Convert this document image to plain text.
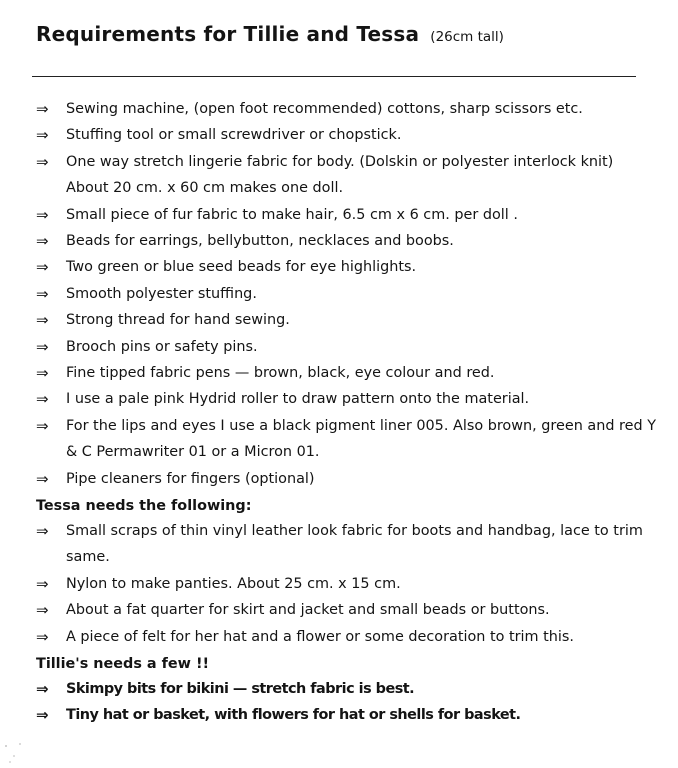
Requirements for Tillie and Tessa (26cm tall)
⇒	Sewing machine, (open foot recommended) cottons, sharp scissors etc.
⇒	Stuffing tool or small screwdriver or chopstick.
⇒	One way stretch lingerie fabric for body. (Dolskin or polyester interlock knit)
About 20 cm. x 60 cm makes one doll.
⇒	Small piece of fur fabric to make hair, 6.5 cm x 6 cm. per doll .
⇒	Beads for earrings, bellybutton, necklaces and boobs.
⇒	Two green or blue seed beads for eye highlights.
⇒	Smooth polyester stuffing.
⇒	Strong thread for hand sewing.
⇒	Brooch pins or safety pins.
⇒	Fine tipped fabric pens — brown, black, eye colour and red.
⇒	I use a pale pink Hydrid roller to draw pattern onto the material.
⇒	For the lips and eyes I use a black pigment liner 005. Also brown, green and red Y
& C Permawriter 01 or a Micron 01.
⇒	Pipe cleaners for fingers (optional)
Tessa needs the following:
⇒	Small scraps of thin vinyl leather look fabric for boots and handbag, lace to trim
same.
⇒	Nylon to make panties. About 25 cm. x 15 cm.
⇒	About a fat quarter for skirt and jacket and small beads or buttons.
⇒	A piece of felt for her hat and a flower or some decoration to trim this.
Tillie's needs a few !!
⇒	Skimpy bits for bikini — stretch fabric is best.
⇒	Tiny hat or basket, with flowers for hat or shells for basket.
